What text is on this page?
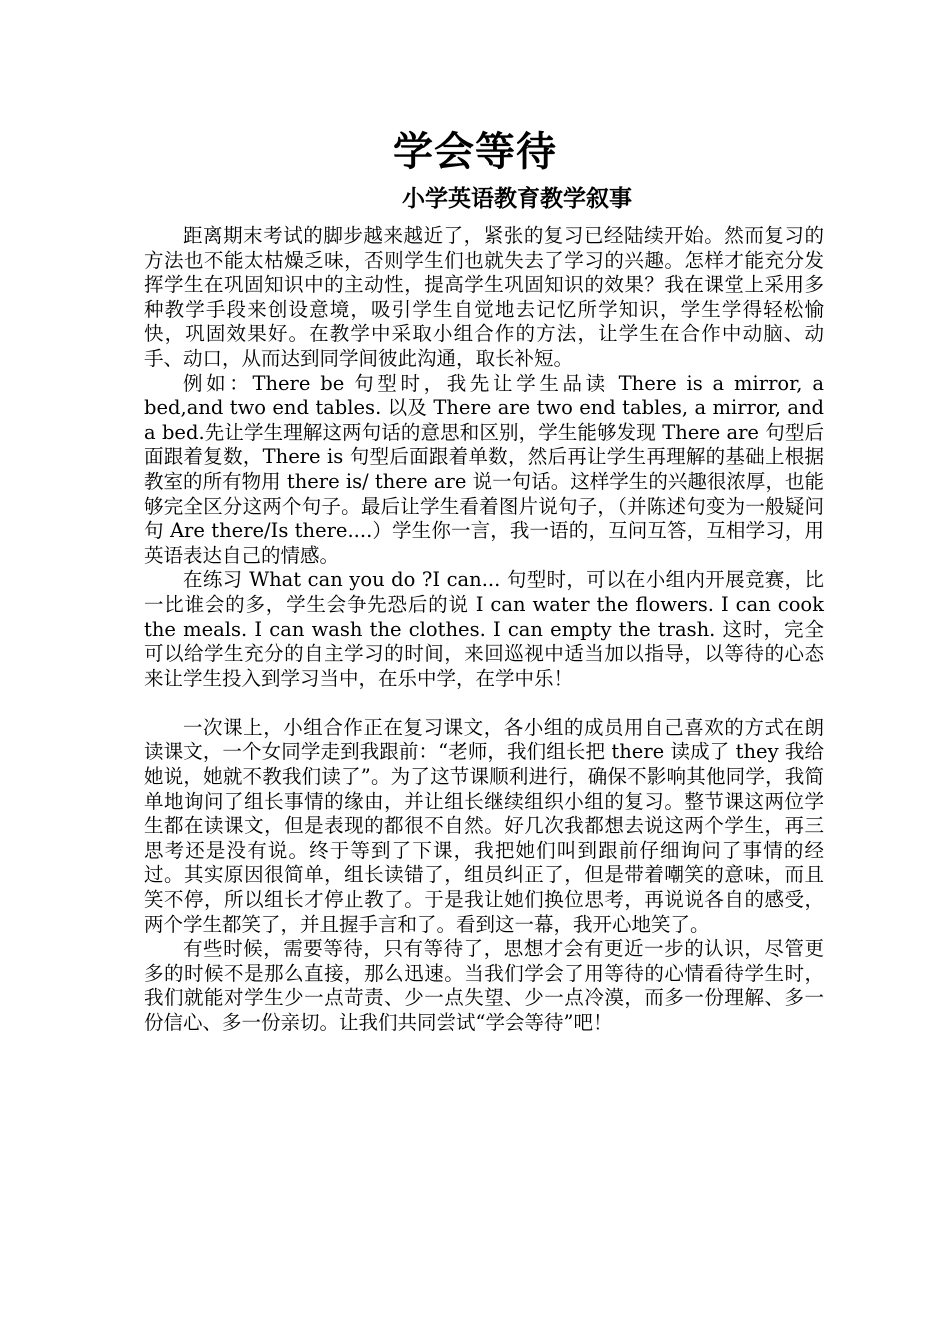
学会等待
小学英语教育教学叙事

距离期末考试的脚步越来越近了，紧张的复习已经陆续开始。然而复习的方法也不能太枯燥乏味，否则学生们也就失去了学习的兴趣。怎样才能充分发挥学生在巩固知识中的主动性，提高学生巩固知识的效果？我在课堂上采用多种教学手段来创设意境，吸引学生自觉地去记忆所学知识，学生学得轻松愉快，巩固效果好。在教学中采取小组合作的方法，让学生在合作中动脑、动手、动口，从而达到同学间彼此沟通，取长补短。

例如：There be 句型时，我先让学生品读 There is a mirror, a bed,and two end tables. 以及 There are two end tables, a mirror, and a bed.先让学生理解这两句话的意思和区别，学生能够发现 There are 句型后面跟着复数，There is 句型后面跟着单数，然后再让学生再理解的基础上根据教室的所有物用 there is/ there are 说一句话。这样学生的兴趣很浓厚，也能够完全区分这两个句子。最后让学生看着图片说句子，（并陈述句变为一般疑问句 Are there/Is there....）学生你一言，我一语的，互问互答，互相学习，用英语表达自己的情感。

在练习 What can you do ?I can... 句型时，可以在小组内开展竞赛，比一比谁会的多，学生会争先恐后的说 I can water the flowers. I can cook the meals. I can wash the clothes. I can empty the trash. 这时，完全可以给学生充分的自主学习的时间，来回巡视中适当加以指导，以等待的心态来让学生投入到学习当中，在乐中学，在学中乐！

一次课上，小组合作正在复习课文，各小组的成员用自己喜欢的方式在朗读课文，一个女同学走到我跟前：“老师，我们组长把 there 读成了 they 我给她说，她就不教我们读了”。为了这节课顺利进行，确保不影响其他同学，我简单地询问了组长事情的缘由，并让组长继续组织小组的复习。整节课这两位学生都在读课文，但是表现的都很不自然。好几次我都想去说这两个学生，再三思考还是没有说。终于等到了下课，我把她们叫到跟前仔细询问了事情的经过。其实原因很简单，组长读错了，组员纠正了，但是带着嘲笑的意味，而且笑不停，所以组长才停止教了。于是我让她们换位思考，再说说各自的感受，两个学生都笑了，并且握手言和了。看到这一幕，我开心地笑了。

有些时候，需要等待，只有等待了，思想才会有更近一步的认识，尽管更多的时候不是那么直接，那么迅速。当我们学会了用等待的心情看待学生时，我们就能对学生少一点苛责、少一点失望、少一点冷漠，而多一份理解、多一份信心、多一份亲切。让我们共同尝试“学会等待”吧！
